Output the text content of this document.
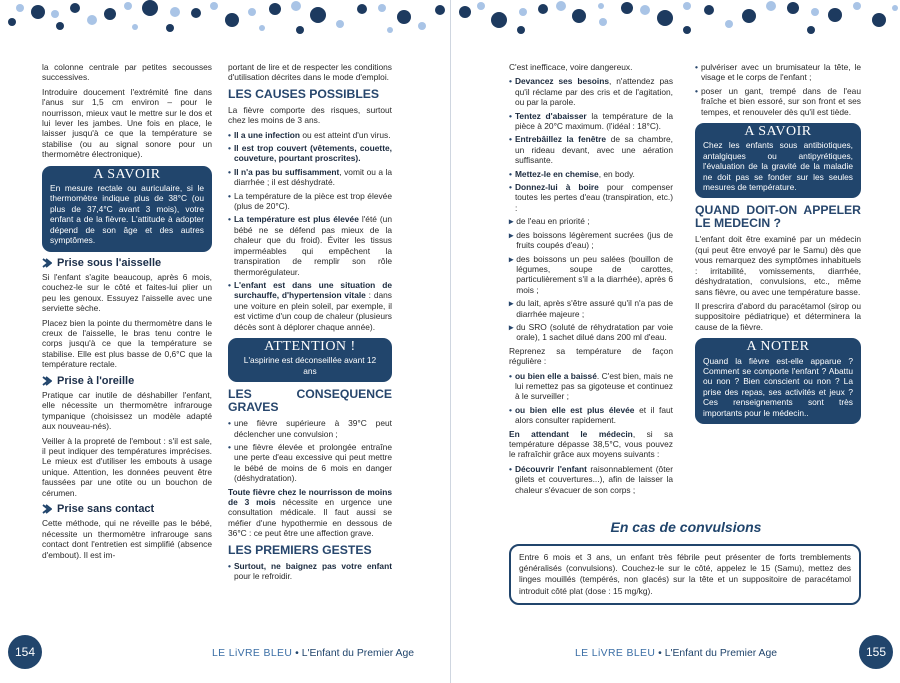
la colonne centrale par petites secousses successives.

Introduire doucement l'extrémité fine dans l'anus sur 1,5 cm environ – pour le nourrisson, mieux vaut le mettre sur le dos et lui lever les jambes. Une fois en place, le laisser jusqu'à ce que la température se stabilise (ou au signal sonore pour un thermomètre électronique).

A SAVOIR
En mesure rectale ou auriculaire, si le thermomètre indique plus de 38°C (ou plus de 37,4°C avant 3 mois), votre enfant a de la fièvre. L'attitude à adopter dépend de son âge et des autres symptômes.
Prise sous l'aisselle

Si l'enfant s'agite beaucoup, après 6 mois, couchez-le sur le côté et faites-lui plier un peu les genoux. Essuyez l'aisselle avec une serviette sèche.

Placez bien la pointe du thermomètre dans le creux de l'aisselle, le bras tenu contre le corps jusqu'à ce que la température se stabilise. Elle est plus basse de 0,6°C que la température rectale.

Prise à l'oreille

Pratique car inutile de déshabiller l'enfant, elle nécessite un thermomètre infrarouge tympanique (choisissez un modèle adapté aux nouveau-nés).

Veiller à la propreté de l'embout : s'il est sale, il peut indiquer des températures imprécises. Le mieux est d'utiliser les embouts à usage unique. Attention, les données peuvent être faussées par une otite ou un bouchon de cérumen.

Prise sans contact

Cette méthode, qui ne réveille pas le bébé, nécessite un thermomètre infrarouge sans contact dont l'entretien est simplifié (absence d'embout). Il est im-

portant de lire et de respecter les conditions d'utilisation décrites dans le mode d'emploi.

LES CAUSES POSSIBLES

La fièvre comporte des risques, surtout chez les moins de 3 ans.

• Il a une infection ou est atteint d'un virus.
• Il est trop couvert (vêtements, couette, couveture, pourtant proscrites).
• Il n'a pas bu suffisamment, vomit ou a la diarrhée ; il est déshydraté.
• La température de la pièce est trop élevée (plus de 20°C).
• La température est plus élevée l'été (un bébé ne se défend pas mieux de la chaleur que du froid). Éviter les tissus imperméables qui empêchent la transpiration de remplir son rôle thermorégulateur.
• L'enfant est dans une situation de surchauffe, d'hypertension vitale : dans une voiture en plein soleil, par exemple, il est victime d'un coup de chaleur (plusieurs décès sont à déplorer chaque année).
ATTENTION !
L'aspirine est déconseillée avant 12 ans
LES CONSEQUENCE GRAVES
• une fièvre supérieure à 39°C peut déclencher une convulsion ;
• une fièvre élevée et prolongée entraîne une perte d'eau excessive qui peut mettre le bébé de moins de 6 mois en danger (déshydratation).

Toute fièvre chez le nourrisson de moins de 3 mois nécessite en urgence une consultation médicale. Il faut aussi se méfier d'une hypothermie en dessous de 36°C : ce peut être une affection grave.

LES PREMIERS GESTES
• Surtout, ne baignez pas votre enfant pour le refroidir.
154	LE LiVRE BLEU • L'Enfant du Premier Age

C'est inefficace, voire dangereux.

• Devancez ses besoins, n'attendez pas qu'il réclame par des cris et de l'agitation, ou par la parole.
• Tentez d'abaisser la température de la pièce à 20°C maximum. (l'idéal : 18°C).
• Entrebâillez la fenêtre de sa chambre, un rideau devant, avec une aération suffisante.
• Mettez-le en chemise, en body.
• Donnez-lui à boire pour compenser toutes les pertes d'eau (transpiration, etc.) :
▸ de l'eau en priorité ;
▸ des boissons légèrement sucrées (jus de fruits coupés d'eau) ;
▸ des boissons un peu salées (bouillon de légumes, soupe de carottes, particulièrement s'il a la diarrhée), après 6 mois ;
▸ du lait, après s'être assuré qu'il n'a pas de diarrhée majeure ;
▸ du SRO (soluté de réhydratation par voie orale), 1 sachet dilué dans 200 ml d'eau.

Reprenez sa température de façon régulière :

• ou bien elle a baissé. C'est bien, mais ne lui remettez pas sa gigoteuse et continuez à le surveiller ;
• ou bien elle est plus élevée et il faut alors consulter rapidement.

En attendant le médecin, si sa température dépasse 38,5°C, vous pouvez le rafraîchir grâce aux moyens suivants :

• Découvrir l'enfant raisonnablement (ôter gilets et couvertures...), afin de laisser la chaleur s'évacuer de son corps ;
• pulvériser avec un brumisateur la tête, le visage et le corps de l'enfant ;
• poser un gant, trempé dans de l'eau fraîche et bien essoré, sur son front et ses tempes, et renouveler dès qu'il est tiède.
A SAVOIR
Chez les enfants sous antibiotiques, antalgiques ou antipyrétiques, l'évaluation de la gravité de la maladie ne doit pas se fonder sur les seules mesures de température.
QUAND DOIT-ON APPELER LE MEDECIN ?

L'enfant doit être examiné par un médecin (qui peut être envoyé par le Samu) dès que vous remarquez des symptômes inhabituels : irritabilité, vomissements, diarrhée, déshydratation, convulsions, etc., même sans fièvre, ou avec une température basse.

Il prescrira d'abord du paracétamol (sirop ou suppositoire pédiatrique) et déterminera la cause de la fièvre.

A NOTER
Quand la fièvre est-elle apparue ? Comment se comporte l'enfant ? Abattu ou non ? Bien conscient ou non ? La prise des repas, ses activités et jeux ? Ces renseignements sont très importants pour le médecin..
En cas de convulsions
Entre 6 mois et 3 ans, un enfant très fébrile peut présenter de forts tremblements généralisés (convulsions). Couchez-le sur le côté, appelez le 15 (Samu), mettez des linges mouillés (tempérés, non glacés) sur la tête et un suppositoire de paracétamol introduit côté plat (dose : 15 mg/kg).
LE LiVRE BLEU • L'Enfant du Premier Age	155
